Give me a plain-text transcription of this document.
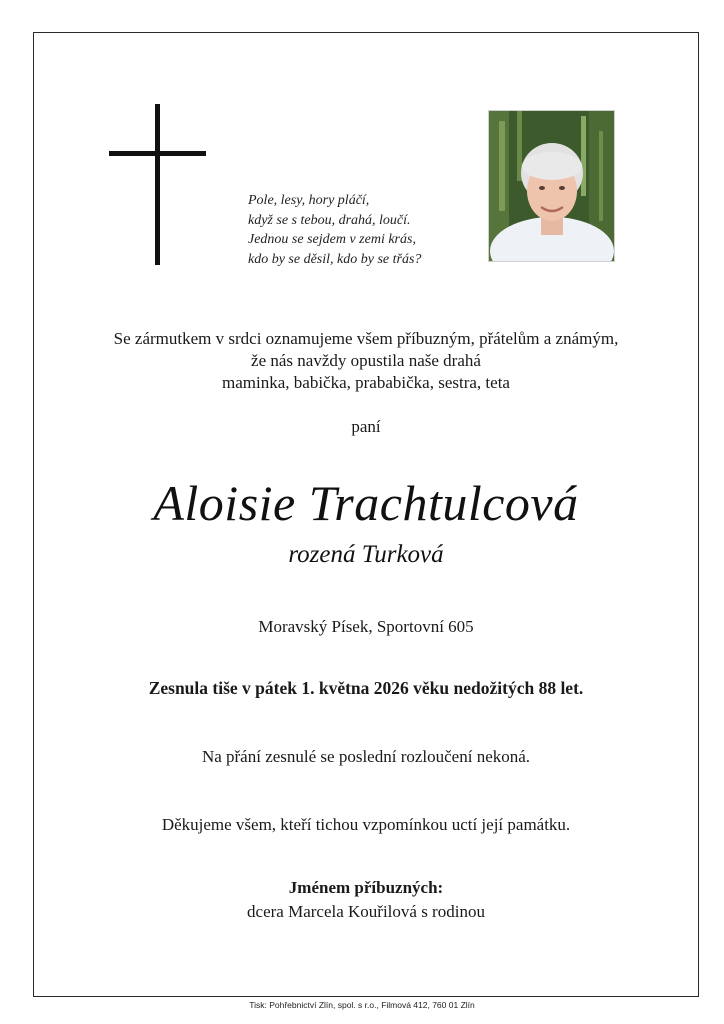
Pole, lesy, hory pláčí,
když se s tebou, drahá, loučí.
Jednou se sejdem v zemi krás,
kdo by se děsil, kdo by se třás?
Se zármutkem v srdci oznamujeme všem příbuzným, přátelům a známým,
že nás navždy opustila naše drahá
maminka, babička, prababička, sestra, teta
paní
Aloisie Trachtulcová
rozená Turková
Moravský Písek, Sportovní 605
Zesnula tiše v pátek 1. května 2026 věku nedožitých 88 let.
Na přání zesnulé se poslední rozloučení nekoná.
Děkujeme všem, kteří tichou vzpomínkou uctí její památku.
Jménem příbuzných:
dcera Marcela Kouřilová s rodinou
Tisk: Pohřebnictví Zlín, spol. s r.o., Filmová 412, 760 01 Zlín
